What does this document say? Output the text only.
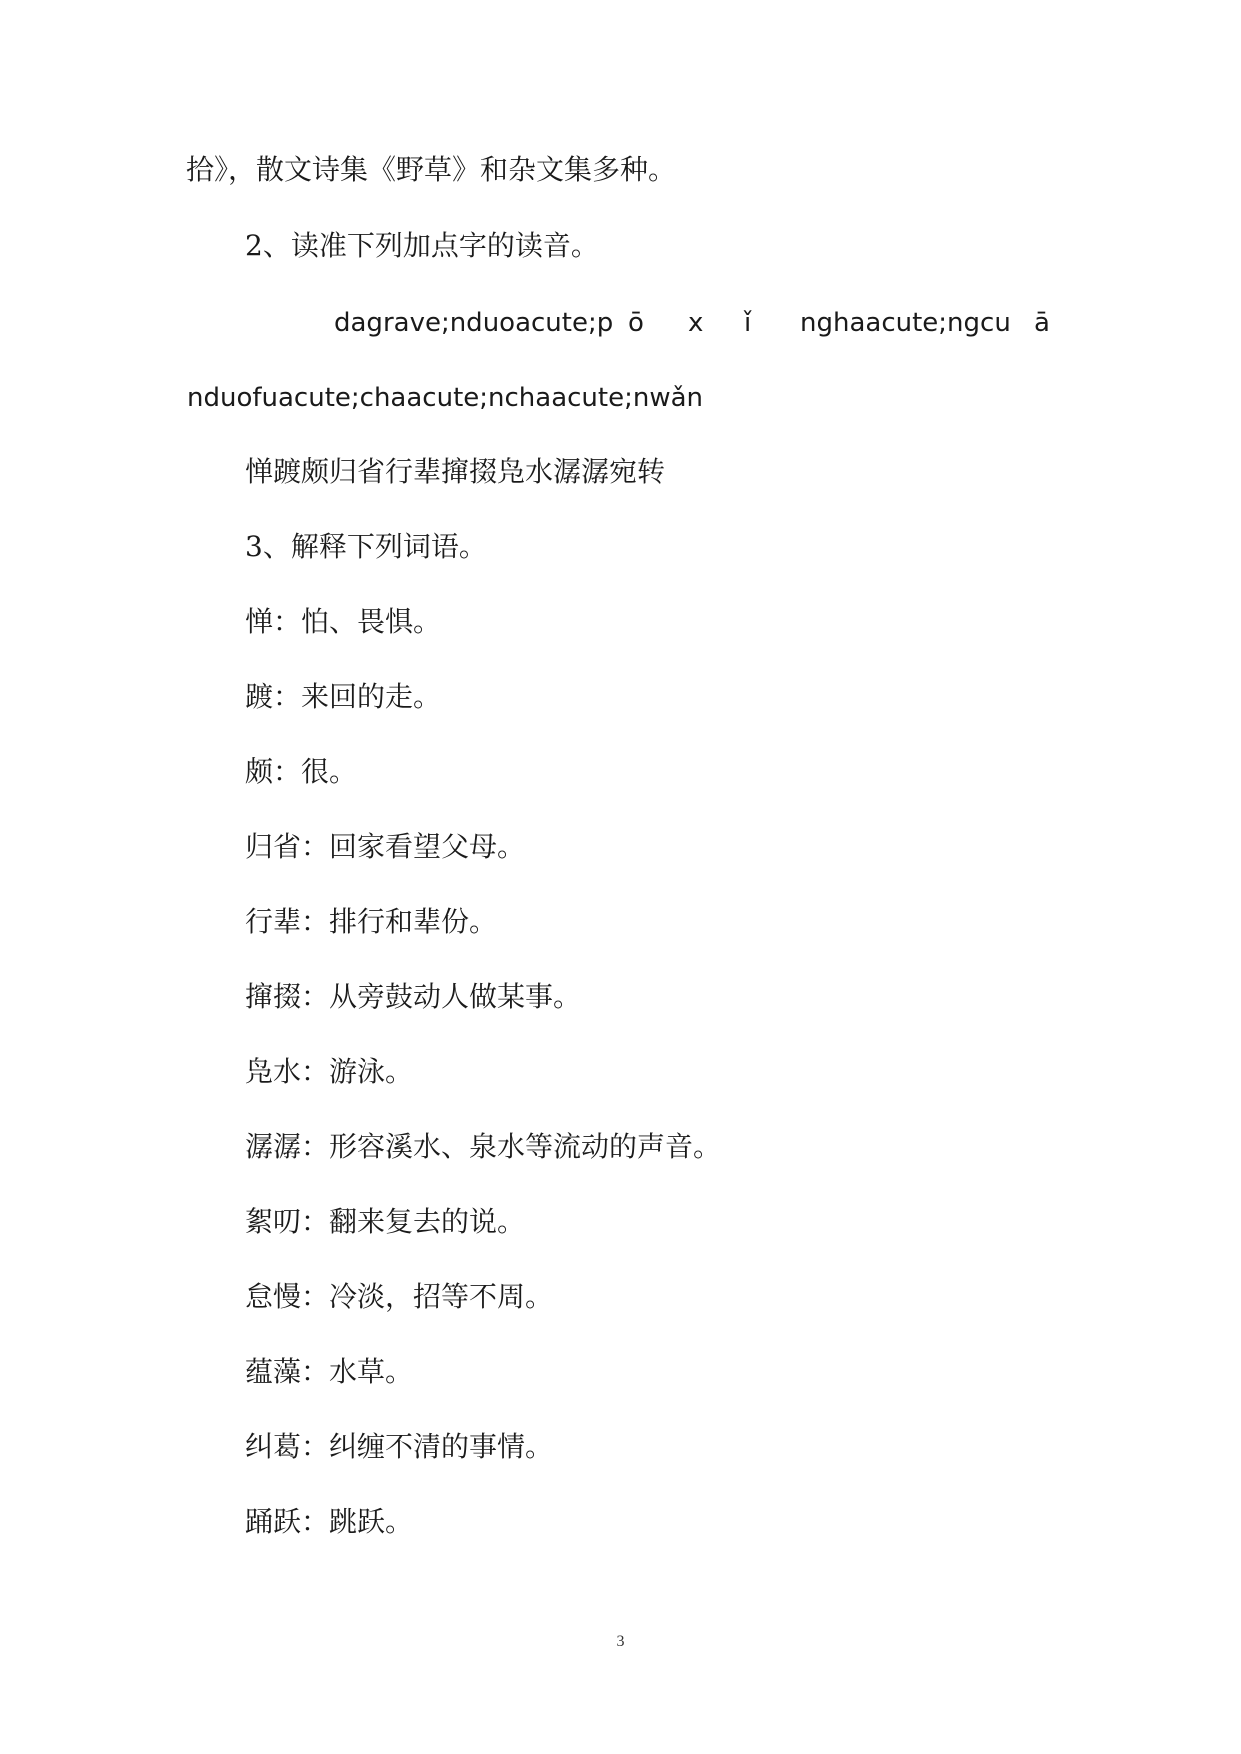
拾》，散文诗集《野草》和杂文集多种。
2、读准下列加点字的读音。
dagrave;nduoacute;p ō x ǐ nghaacute;ngcu ā
nduofuacute;chaacute;nchaacute;nwǎn
惮踱颇归省行辈撺掇凫水潺潺宛转
3、解释下列词语。
惮：怕、畏惧。
踱：来回的走。
颇：很。
归省：回家看望父母。
行辈：排行和辈份。
撺掇：从旁鼓动人做某事。
凫水：游泳。
潺潺：形容溪水、泉水等流动的声音。
絮叨：翻来复去的说。
怠慢：冷淡，招等不周。
蕴藻：水草。
纠葛：纠缠不清的事情。
踊跃：跳跃。
3
